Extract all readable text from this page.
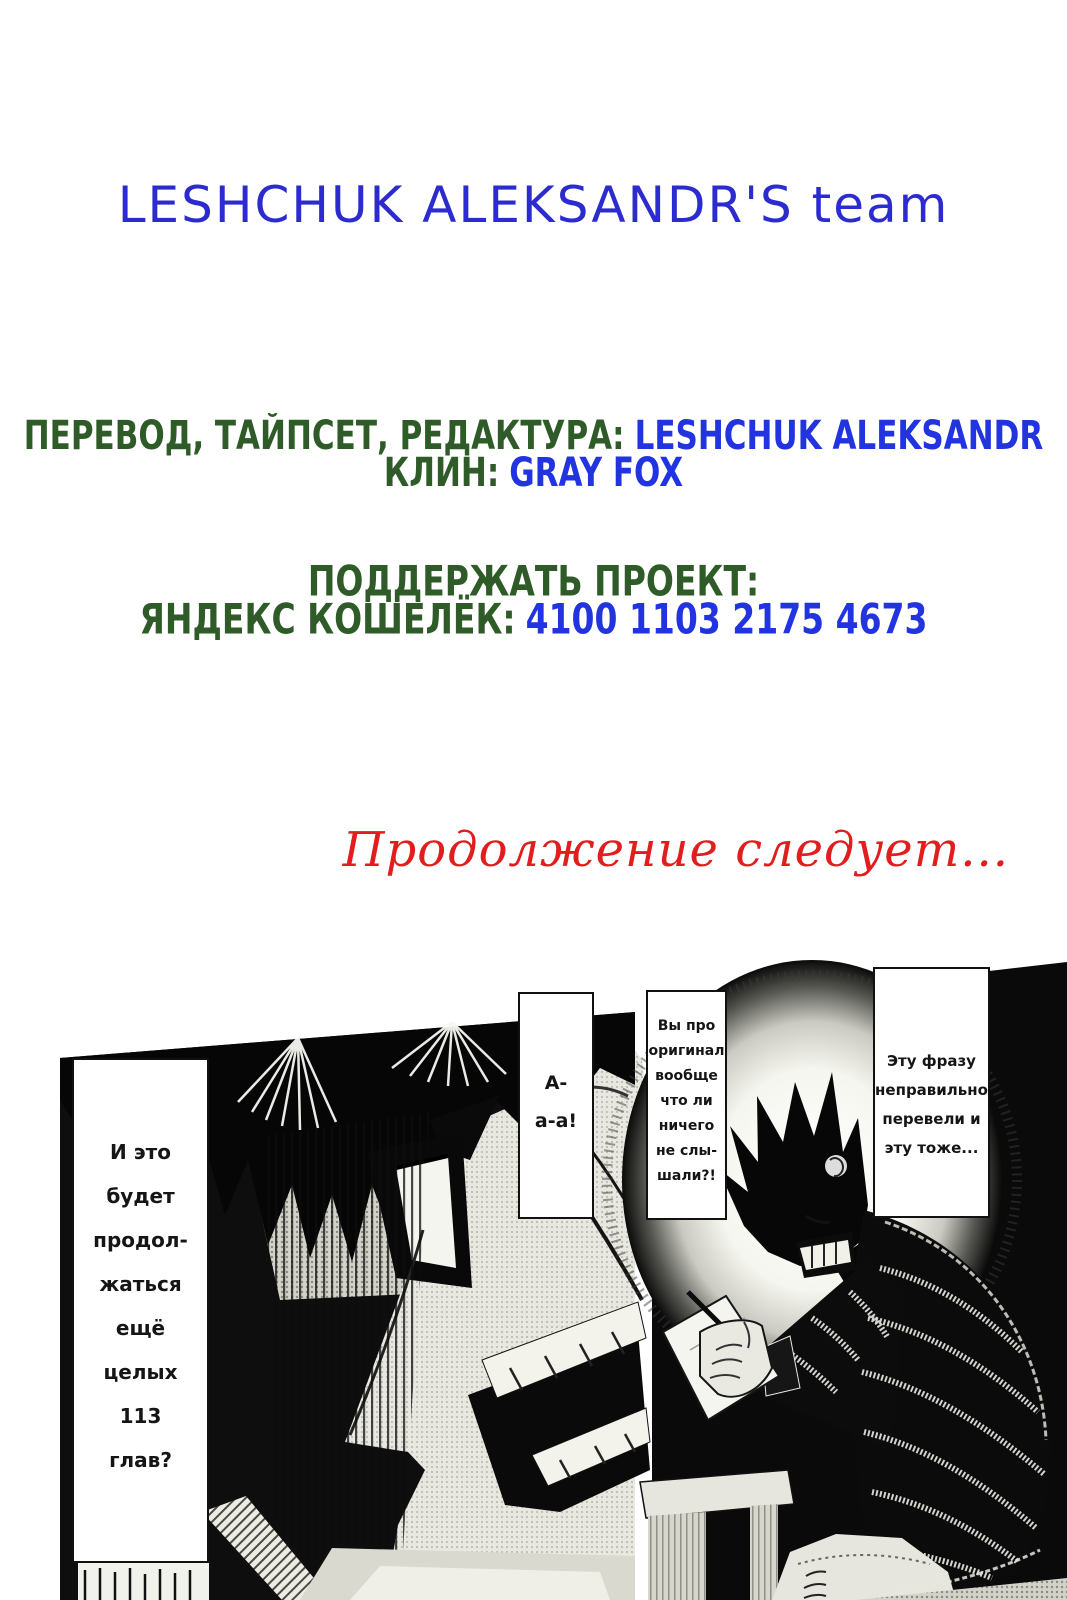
LESHCHUK ALEKSANDR'S team
ПЕРЕВОД, ТАЙПСЕТ, РЕДАКТУРА: LESHCHUK ALEKSANDR
КЛИН: GRAY FOX
ПОДДЕРЖАТЬ ПРОЕКТ:
ЯНДЕКС КОШЕЛЁК: 4100 1103 2175 4673
Продолжение следует...
И это
будет
продол-
жаться
ещё
целых
113
глав?
А-
а-а!
Вы про
оригинал
вообще
что ли
ничего
не слы-
шали?!
Эту фразу
неправильно
перевели и
эту тоже...
